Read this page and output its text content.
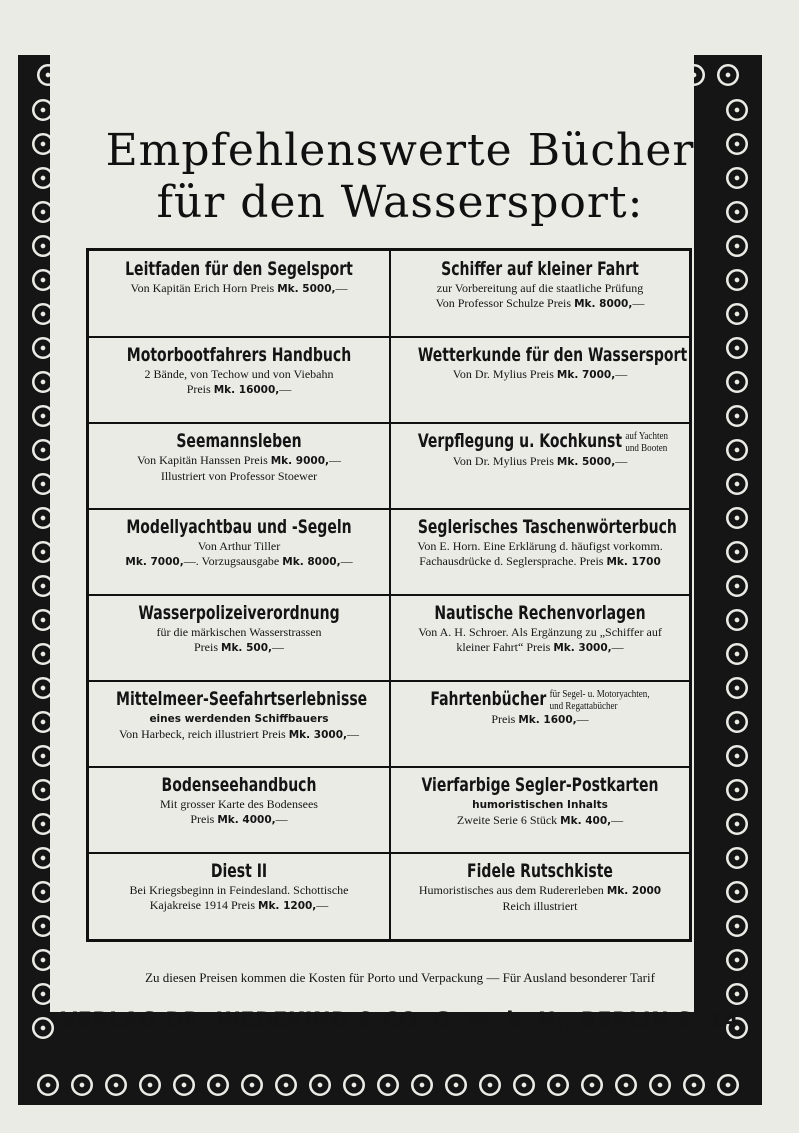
Empfehlenswerte Bücher
für den Wassersport:
Leitfaden für den Segelsport
Von Kapitän Erich Horn Preis Mk. 5000,—
Motorbootfahrers Handbuch
2 Bände, von Techow und von Viebahn
Preis Mk. 16000,—
Seemannsleben
Von Kapitän Hanssen Preis Mk. 9000,—
Illustriert von Professor Stoewer
Modellyachtbau und -Segeln
Von Arthur Tiller
Mk. 7000,—. Vorzugsausgabe Mk. 8000,—
Wasserpolizeiverordnung
für die märkischen Wasserstrassen
Preis Mk. 500,—
Mittelmeer-Seefahrtserlebnisse
eines werdenden Schiffbauers
Von Harbeck, reich illustriert Preis Mk. 3000,—
Bodenseehandbuch
Mit grosser Karte des Bodensees
Preis Mk. 4000,—
Diest II
Bei Kriegsbeginn in Feindesland. Schottische
Kajakreise 1914 Preis Mk. 1200,—
Schiffer auf kleiner Fahrt
zur Vorbereitung auf die staatliche Prüfung
Von Professor Schulze Preis Mk. 8000,—
Wetterkunde für den Wassersport
Von Dr. Mylius Preis Mk. 7000,—
Verpflegung u. Kochkunst auf Yachten
und Booten
Von Dr. Mylius Preis Mk. 5000,—
Seglerisches Taschenwörterbuch
Von E. Horn. Eine Erklärung d. häufigst vorkomm.
Fachausdrücke d. Seglersprache. Preis Mk. 1700
Nautische Rechenvorlagen
Von A. H. Schroer. Als Ergänzung zu „Schiffer auf
kleiner Fahrt“ Preis Mk. 3000,—
Fahrtenbücher für Segel- u. Motoryachten,
und Regattabücher
Preis Mk. 1600,—
Vierfarbige Segler-Postkarten
humoristischen Inhalts
Zweite Serie 6 Stück Mk. 400,—
Fidele Rutschkiste
Humoristisches aus dem Rudererleben Mk. 2000
Reich illustriert
Zu diesen Preisen kommen die Kosten für Porto und Verpackung — Für Ausland besonderer Tarif
VERLAG DR. WEDEKIND & CO. G. m. b. H., BERLIN S. 14
